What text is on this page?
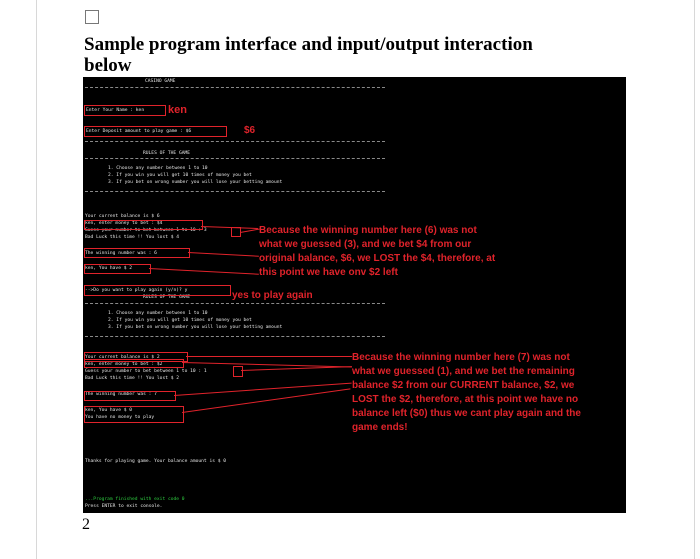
Sample program interface and input/output interaction
below
CASINO GAME
Enter Your Name : ken
Enter Deposit amount to play game : $6
RULES OF THE GAME
1. Choose any number between 1 to 10
2. If you win you will get 10 times of money you bet
3. If you bet on wrong number you will lose your betting amount
Your current balance is $ 6
ken, enter money to bet : $4
Guess your number to bet between 1 to 10 : 3
Bad Luck this time !! You lost $ 4
The winning number was : 6
ken, You have $ 2
-->Do you want to play again (y/n)? y
RULES OF THE GAME
1. Choose any number between 1 to 10
2. If you win you will get 10 times of money you bet
3. If you bet on wrong number you will lose your betting amount
Your current balance is $ 2
ken, enter money to bet : $2
Guess your number to bet between 1 to 10 : 1
Bad Luck this time !! You lost $ 2
The winning number was : 7
ken, You have $ 0
You have no money to play
Thanks for playing game. Your balance amount is $ 0
...Program finished with exit code 0
Press ENTER to exit console.
ken
$6
Because the winning number here (6) was not
what we guessed (3), and we bet $4 from our
original balance, $6, we LOST the $4, therefore, at
this point we have onv $2 left
yes to play again
Because the winning number here (7) was not
what we guessed (1), and we bet the remaining
balance $2 from our CURRENT balance, $2, we
LOST the $2, therefore, at this point we have no
balance left ($0) thus we cant play again and the
game ends!
2
